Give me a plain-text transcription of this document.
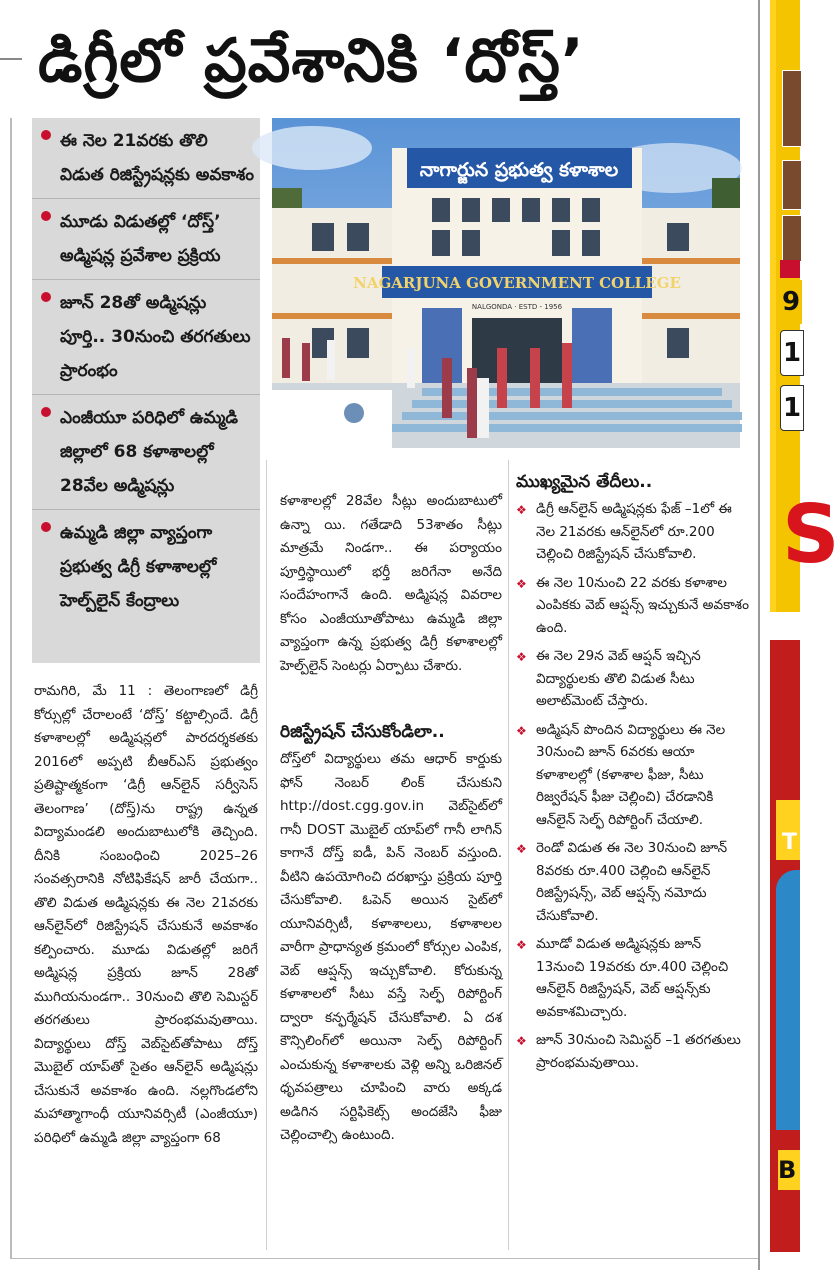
డిగ్రీలో ప్రవేశానికి ‘దోస్త్’
ఈ నెల 21వరకు తొలి విడుత రిజిస్ట్రేషన్లకు అవకాశం
మూడు విడుతల్లో ‘దోస్త్’ అడ్మిషన్ల ప్రవేశాల ప్రక్రియ
జూన్ 28తో అడ్మిషన్లు పూర్తి.. 30నుంచి తరగతులు ప్రారంభం
ఎంజీయూ పరిధిలో ఉమ్మడి జిల్లాలో 68 కళాశాలల్లో 28వేల అడ్మిషన్లు
ఉమ్మడి జిల్లా వ్యాప్తంగా ప్రభుత్వ డిగ్రీ కళాశాలల్లో హెల్ప్‌లైన్ కేంద్రాలు
నాగార్జున ప్రభుత్వ కళాశాల
NAGARJUNA GOVERNMENT COLLEGE
NALGONDA · ESTD - 1956
రామగిరి, మే 11 : తెలంగాణలో డిగ్రీ కోర్సుల్లో చేరాలంటే ‘దోస్త్’ కట్టాల్సిందే. డిగ్రీ కళాశాలల్లో అడ్మిషన్లలో పారదర్శకతకు 2016లో అప్పటి బీఆర్‌ఎస్ ప్రభుత్వం ప్రతిష్టాత్మకంగా ‘డిగ్రీ ఆన్‌లైన్ సర్వీసెస్ తెలంగాణ’ (దోస్త్)ను రాష్ట్ర ఉన్నత విద్యామండలి అందుబాటులోకి తెచ్చింది. దీనికి సంబంధించి 2025–26 సంవత్సరానికి నోటిఫికేషన్ జారీ చేయగా.. తొలి విడుత అడ్మిషన్లకు ఈ నెల 21వరకు ఆన్‌లైన్‌లో రిజిస్ట్రేషన్ చేసుకునే అవకాశం కల్పించారు. మూడు విడుతల్లో జరిగే అడ్మిషన్ల ప్రక్రియ జూన్ 28తో ముగియనుండగా.. 30నుంచి తొలి సెమిస్టర్ తరగతులు ప్రారంభమవుతాయి. విద్యార్థులు దోస్త్ వెబ్‌సైట్‌తోపాటు దోస్త్ మొబైల్ యాప్‌తో సైతం ఆన్‌లైన్ అడ్మిషన్లు చేసుకునే అవకాశం ఉంది. నల్లగొండలోని మహాత్మాగాంధీ యూనివర్సిటీ (ఎంజీయూ) పరిధిలో ఉమ్మడి జిల్లా వ్యాప్తంగా 68
కళాశాలల్లో 28వేల సీట్లు అందుబాటులో ఉన్నా యి. గతేడాది 53శాతం సీట్లు మాత్రమే నిండగా.. ఈ పర్యాయం పూర్తిస్థాయిలో భర్తీ జరిగేనా అనేది సందేహంగానే ఉంది. అడ్మిషన్ల వివరాల కోసం ఎంజీయూతోపాటు ఉమ్మడి జిల్లా వ్యాప్తంగా ఉన్న ప్రభుత్వ డిగ్రీ కళాశాలల్లో హెల్ప్‌లైన్ సెంటర్లు ఏర్పాటు చేశారు.
రిజిస్ట్రేషన్ చేసుకోండిలా..
దోస్త్‌లో విద్యార్థులు తమ ఆధార్ కార్డుకు ఫోన్ నెంబర్ లింక్ చేసుకుని http://dost.cgg.gov.in వెబ్‌సైట్‌లో గానీ DOST మొబైల్ యాప్‌లో గానీ లాగిన్ కాగానే దోస్త్ ఐడీ, పిన్ నెంబర్ వస్తుంది. వీటిని ఉపయోగించి దరఖాస్తు ప్రక్రియ పూర్తి చేసుకోవాలి. ఓపెన్ అయిన సైట్‌లో యూనివర్సిటీ, కళాశాలలు, కళాశాలల వారీగా ప్రాధాన్యత క్రమంలో కోర్సుల ఎంపిక, వెబ్ ఆప్షన్స్ ఇచ్చుకోవాలి. కోరుకున్న కళాశాలలో సీటు వస్తే సెల్ఫ్ రిపోర్టింగ్ ద్వారా కన్ఫర్మేషన్ చేసుకోవాలి. ఏ దశ కౌన్సిలింగ్‌లో అయినా సెల్ఫ్ రిపోర్టింగ్ ఎంచుకున్న కళాశాలకు వెళ్లి అన్ని ఒరిజినల్ ధృవపత్రాలు చూపించి వారు అక్కడ అడిగిన సర్టిఫికెట్స్ అందజేసి ఫీజు చెల్లించాల్సి ఉంటుంది.
ముఖ్యమైన తేదీలు..
❖ డిగ్రీ ఆన్‌లైన్ అడ్మిషన్లకు ఫేజ్ –1లో ఈ నెల 21వరకు ఆన్‌లైన్‌లో రూ.200 చెల్లించి రిజిస్ట్రేషన్ చేసుకోవాలి.
❖ ఈ నెల 10నుంచి 22 వరకు కళాశాల ఎంపికకు వెబ్ ఆప్షన్స్ ఇచ్చుకునే అవకాశం ఉంది.
❖ ఈ నెల 29న వెబ్ ఆప్షన్ ఇచ్చిన విద్యార్థులకు తొలి విడుత సీటు అలాట్‌మెంట్ చేస్తారు.
❖ అడ్మిషన్ పొందిన విద్యార్థులు ఈ నెల 30నుంచి జూన్ 6వరకు ఆయా కళాశాలల్లో (కళాశాల ఫీజు, సీటు రిజ్వరేషన్ ఫీజు చెల్లించి) చేరడానికి ఆన్‌లైన్ సెల్ఫ్ రిపోర్టింగ్ చేయాలి.
❖ రెండో విడుత ఈ నెల 30నుంచి జూన్ 8వరకు రూ.400 చెల్లించి ఆన్‌లైన్ రిజిస్ట్రేషన్స్, వెబ్ ఆప్షన్స్ నమోదు చేసుకోవాలి.
❖ మూడో విడుత అడ్మిషన్లకు జూన్ 13నుంచి 19వరకు రూ.400 చెల్లించి ఆన్‌లైన్ రిజిస్ట్రేషన్, వెబ్ ఆప్షన్స్‌కు అవకాశమిచ్చారు.
❖ జూన్ 30నుంచి సెమిస్టర్ –1 తరగతులు ప్రారంభమవుతాయి.
9
1
1
S
T
B
